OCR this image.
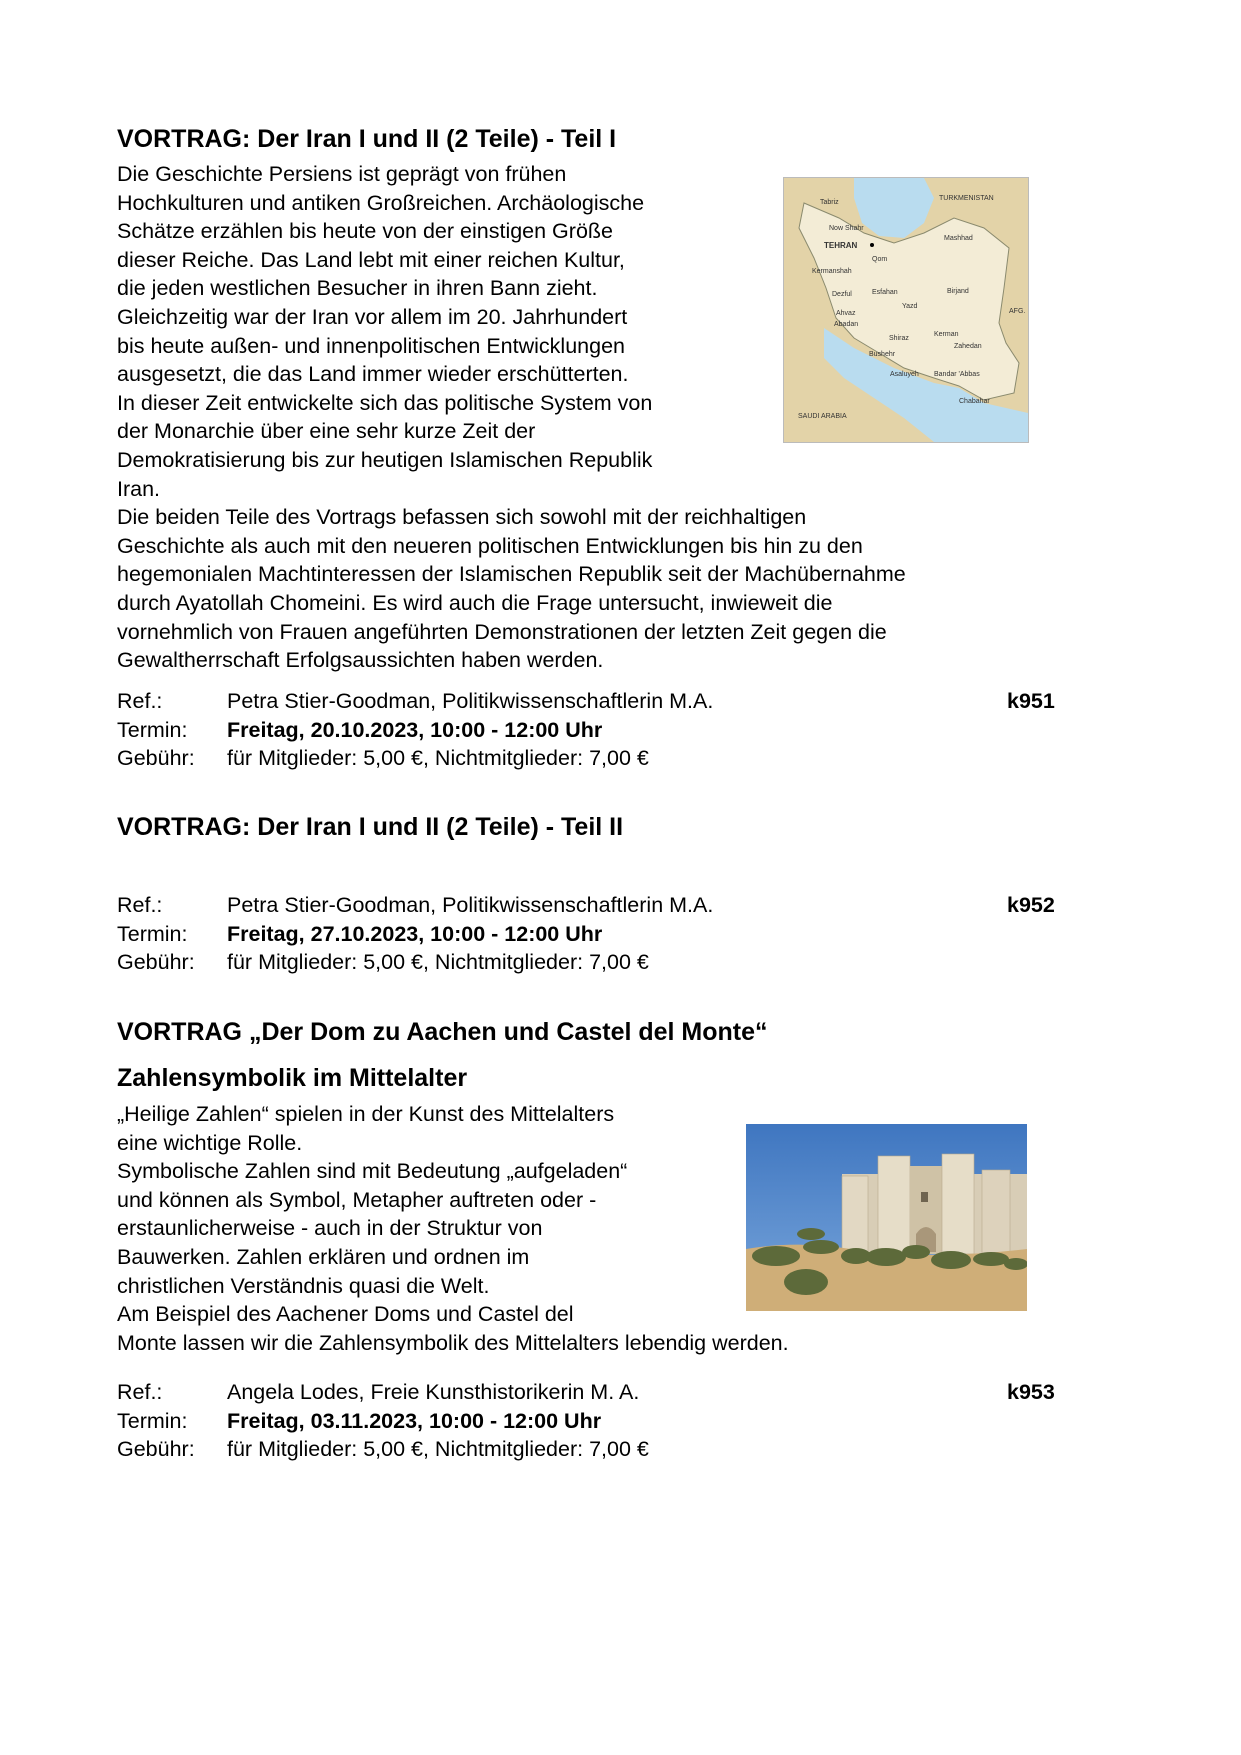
VORTRAG: Der Iran I und II (2 Teile) - Teil I
Die Geschichte Persiens ist geprägt von frühen
Hochkulturen und antiken Großreichen. Archäologische
Schätze erzählen bis heute von der einstigen Größe
dieser Reiche. Das Land lebt mit einer reichen Kultur,
die jeden westlichen Besucher in ihren Bann zieht.
Gleichzeitig war der Iran vor allem im 20. Jahrhundert
bis heute außen- und innenpolitischen Entwicklungen
ausgesetzt, die das Land immer wieder erschütterten.
In dieser Zeit entwickelte sich das politische System von
der Monarchie über eine sehr kurze Zeit der
Demokratisierung bis zur heutigen Islamischen Republik
Iran.
Die beiden Teile des Vortrags befassen sich sowohl mit der reichhaltigen
Geschichte als auch mit den neueren politischen Entwicklungen bis hin zu den
hegemonialen Machtinteressen der Islamischen Republik seit der Machübernahme
durch Ayatollah Chomeini. Es wird auch die Frage untersucht, inwieweit die
vornehmlich von Frauen angeführten Demonstrationen der letzten Zeit gegen die
Gewaltherrschaft Erfolgsaussichten haben werden.
TURKMENISTAN
SAUDI ARABIA
AFG.
TEHRAN
Tabriz
Now Shahr
Mashhad
Qom
Kermanshah
Dezful	Esfahan	Birjand
Yazd
Ahvaz
Abadan
Kerman
Zahedan
Shiraz
Bushehr
Asaluyeh Bandar 'Abbas
Chabahar
Ref.:	Petra Stier-Goodman, Politikwissenschaftlerin M.A.	k951
Termin: Freitag, 20.10.2023, 10:00 - 12:00 Uhr
Gebühr: für Mitglieder: 5,00 €, Nichtmitglieder: 7,00 €
VORTRAG: Der Iran I und II (2 Teile) - Teil II
Ref.:	Petra Stier-Goodman, Politikwissenschaftlerin M.A.	k952
Termin: Freitag, 27.10.2023, 10:00 - 12:00 Uhr
Gebühr: für Mitglieder: 5,00 €, Nichtmitglieder: 7,00 €
VORTRAG „Der Dom zu Aachen und Castel del Monte“
Zahlensymbolik im Mittelalter
„Heilige Zahlen“ spielen in der Kunst des Mittelalters
eine wichtige Rolle.
Symbolische Zahlen sind mit Bedeutung „aufgeladen“
und können als Symbol, Metapher auftreten oder -
erstaunlicherweise - auch in der Struktur von
Bauwerken. Zahlen erklären und ordnen im
christlichen Verständnis quasi die Welt.
Am Beispiel des Aachener Doms und Castel del
Monte lassen wir die Zahlensymbolik des Mittelalters lebendig werden.
Ref.:	Angela Lodes, Freie Kunsthistorikerin M. A.	k953
Termin: Freitag, 03.11.2023, 10:00 - 12:00 Uhr
Gebühr: für Mitglieder: 5,00 €, Nichtmitglieder: 7,00 €
